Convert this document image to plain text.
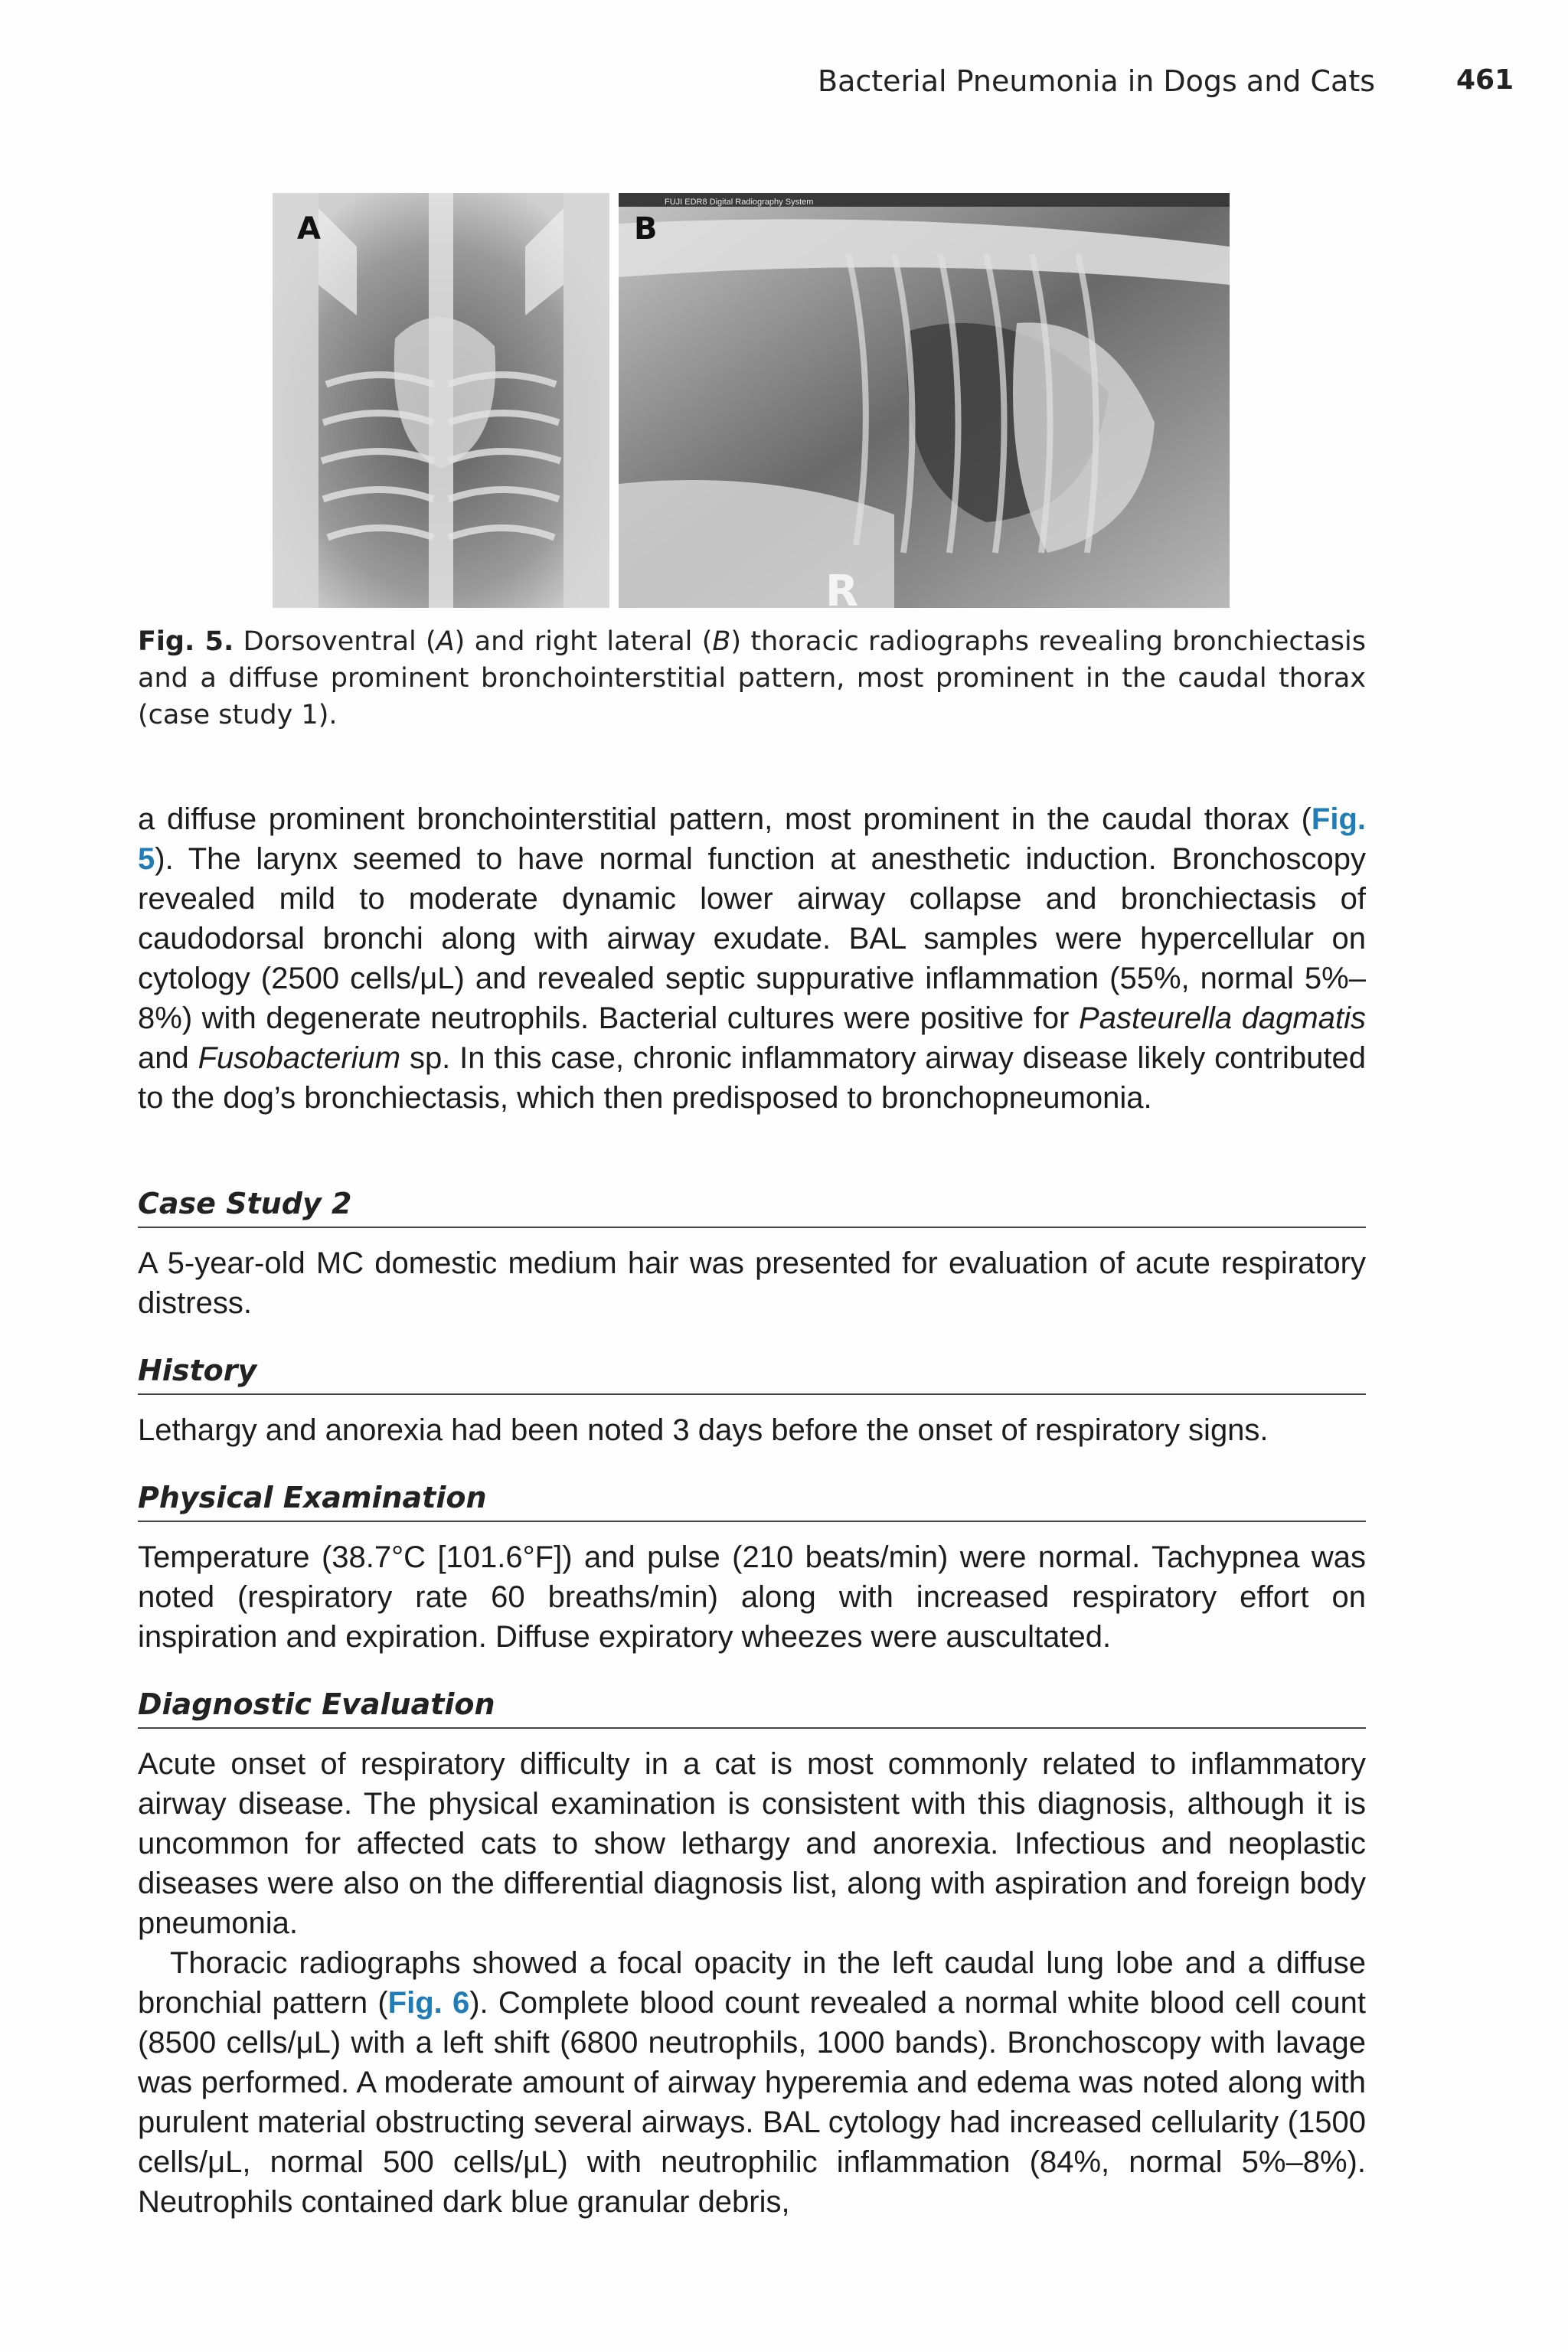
Bacterial Pneumonia in Dogs and Cats	461
A
FUJI EDR8 Digital Radiography System
B
R
Fig. 5. Dorsoventral (A) and right lateral (B) thoracic radiographs revealing bronchiectasis and a diffuse prominent bronchointerstitial pattern, most prominent in the caudal thorax (case study 1).

a diffuse prominent bronchointerstitial pattern, most prominent in the caudal thorax (Fig. 5). The larynx seemed to have normal function at anesthetic induction. Bronchoscopy revealed mild to moderate dynamic lower airway collapse and bronchiectasis of caudodorsal bronchi along with airway exudate. BAL samples were hypercellular on cytology (2500 cells/μL) and revealed septic suppurative inflammation (55%, normal 5%–8%) with degenerate neutrophils. Bacterial cultures were positive for Pasteurella dagmatis and Fusobacterium sp. In this case, chronic inflammatory airway disease likely contributed to the dog’s bronchiectasis, which then predisposed to bronchopneumonia.

Case Study 2

A 5-year-old MC domestic medium hair was presented for evaluation of acute respiratory distress.

History

Lethargy and anorexia had been noted 3 days before the onset of respiratory signs.

Physical Examination

Temperature (38.7°C [101.6°F]) and pulse (210 beats/min) were normal. Tachypnea was noted (respiratory rate 60 breaths/min) along with increased respiratory effort on inspiration and expiration. Diffuse expiratory wheezes were auscultated.

Diagnostic Evaluation

Acute onset of respiratory difficulty in a cat is most commonly related to inflammatory airway disease. The physical examination is consistent with this diagnosis, although it is uncommon for affected cats to show lethargy and anorexia. Infectious and neoplastic diseases were also on the differential diagnosis list, along with aspiration and foreign body pneumonia.

Thoracic radiographs showed a focal opacity in the left caudal lung lobe and a diffuse bronchial pattern (Fig. 6). Complete blood count revealed a normal white blood cell count (8500 cells/μL) with a left shift (6800 neutrophils, 1000 bands). Bronchoscopy with lavage was performed. A moderate amount of airway hyperemia and edema was noted along with purulent material obstructing several airways. BAL cytology had increased cellularity (1500 cells/μL, normal 500 cells/μL) with neutrophilic inflammation (84%, normal 5%–8%). Neutrophils contained dark blue granular debris,
